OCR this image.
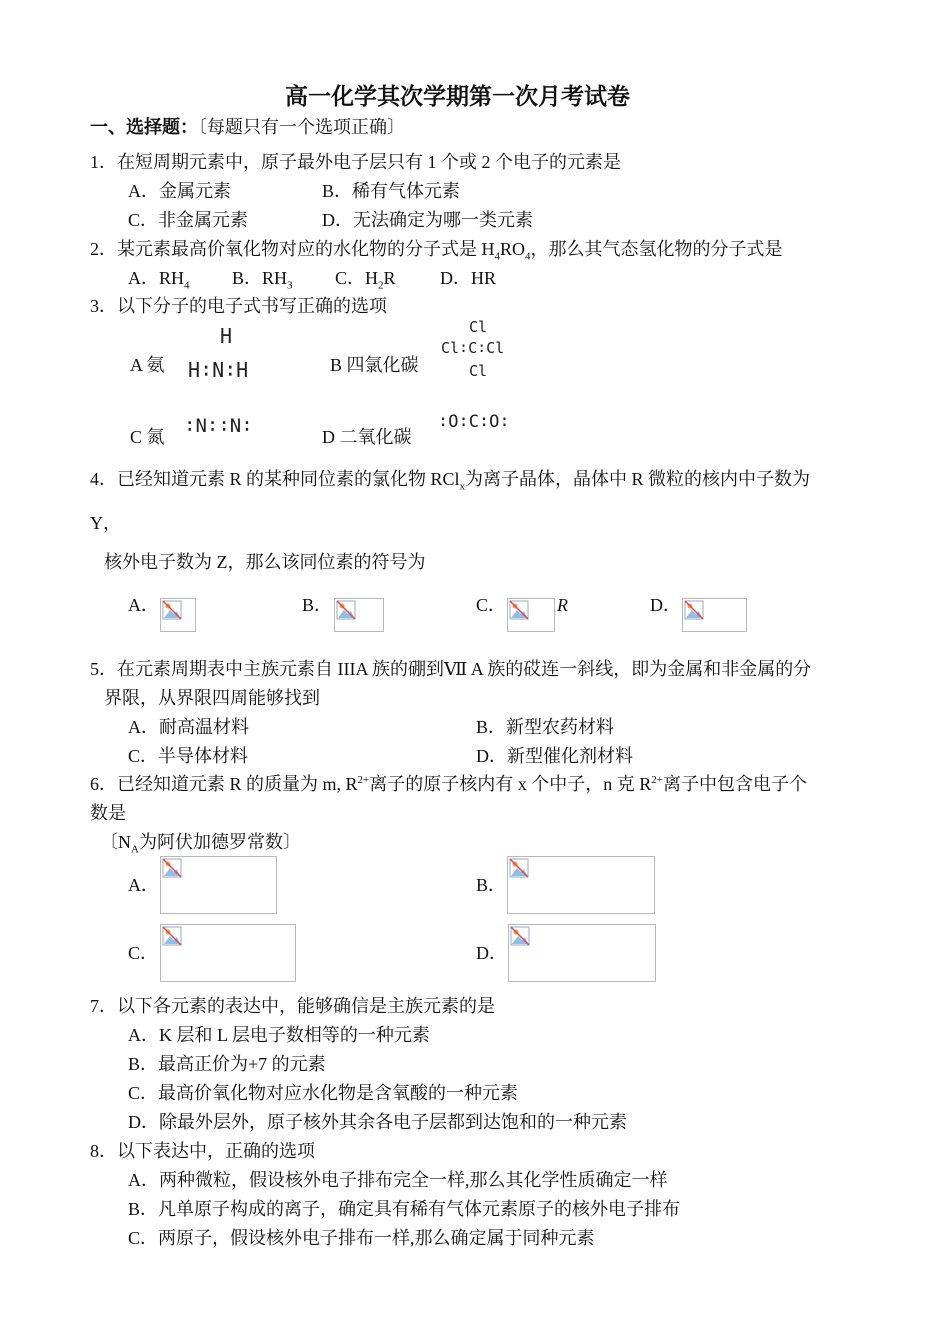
高一化学其次学期第一次月考试卷
一、选择题：〔每题只有一个选项正确〕
1．在短周期元素中，原子最外电子层只有 1 个或 2 个电子的元素是
A．金属元素	B．稀有气体元素
C．非金属元素	D．无法确定为哪一类元素
2．某元素最高价氧化物对应的水化物的分子式是 $H_4RO_4$，那么其气态氢化物的分子式是
A．$RH_4$ B．$RH_3$ C．$H_2R$ D．HR
3．以下分子的电子式书写正确的选项
A 氨
H
H∶N∶H	B 四氯化碳
Cl
Cl∶C∶Cl
Cl
C 氮 ∶N∶∶N∶	D 二氧化碳
∶O∶C∶O∶
4．已经知道元素 R 的某种同位素的氯化物 RCl$_x$为离子晶体，晶体中 R 微粒的核内中子数为
Y，
核外电子数为 Z，那么该同位素的符号为
A．	B．	C．	R	D．
5．在元素周期表中主族元素自 IIIA 族的硼到Ⅶ A 族的砹连一斜线，即为金属和非金属的分
界限，从界限四周能够找到
A．耐高温材料	B．新型农药材料
C．半导体材料	D．新型催化剂材料
6．已经知道元素 R 的质量为 m, $R^{2+}$离子的原子核内有 x 个中子，n 克 $R^{2+}$离子中包含电子个
数是
〔$N_A$为阿伏加德罗常数〕
A．	B．
C．	D．
7．以下各元素的表达中，能够确信是主族元素的是
A．K 层和 L 层电子数相等的一种元素
B．最高正价为+7 的元素
C．最高价氧化物对应水化物是含氧酸的一种元素
D．除最外层外，原子核外其余各电子层都到达饱和的一种元素
8．以下表达中，正确的选项
A．两种微粒，假设核外电子排布完全一样,那么其化学性质确定一样
B．凡单原子构成的离子，确定具有稀有气体元素原子的核外电子排布
C．两原子，假设核外电子排布一样,那么确定属于同种元素
